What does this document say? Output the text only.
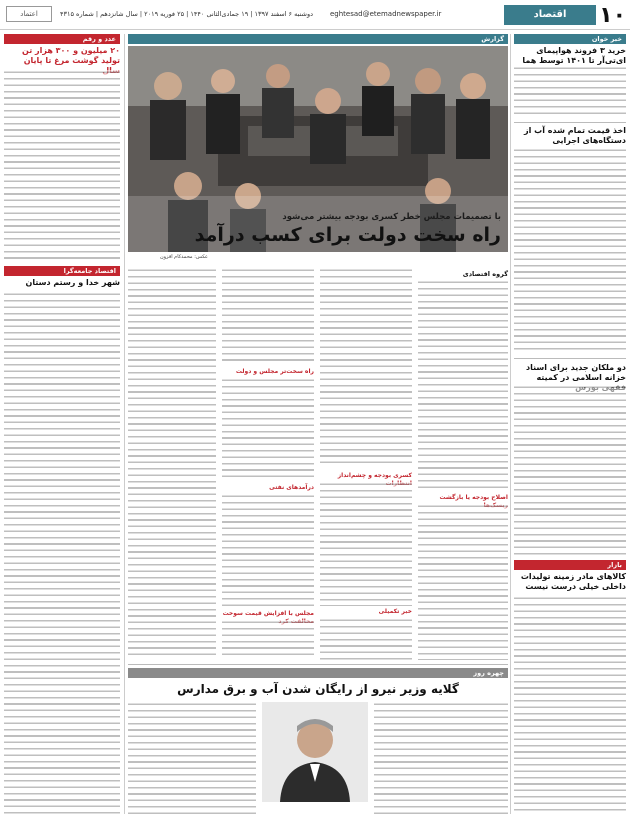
۱۰
اقتصاد
eghtesad@etemadnewspaper.ir
دوشنبه ۶ اسفند ۱۳۹۷ | ۱۹ جمادی‌الثانی ۱۴۴۰ | ۲۵ فوریه ۲۰۱۹ | سال شانزدهم | شماره ۴۳۱۵
اعتماد
خبر خوان
خرید ۳ فروند هواپیمای ای‌تی‌آر تا ۱۴۰۱ توسط هما
اخذ قیمت تمام شده آب از دستگاه‌های اجرایی
دو ملکان جدید برای اسناد خزانه اسلامی در کمیته
بازار
کالاهای مادر زمینه تولیدات داخلی خیلی درست نیست
گزارش
با تصمیمات مجلس خطر کسری بودجه بیشتر می‌شود
راه سخت دولت برای کسب درآمد
عکس: محمدکام افزون
گروه اقتصادی
اصلاح بودجه یا بازگشت
کسری بودجه و چشم‌انداز
خبر تکمیلی
راه سخت‌تر مجلس و دولت
درآمدهای نفتی
مجلس با افزایش قیمت سوخت
عدد و رقم
۲۰ میلیون و ۳۰۰ هزار تن تولید گوشت مرغ تا پایان
اقتصاد جامعه‌گرا
شهر خدا و رستم دستان
چهره روز
گلایه وزیر نیرو از رایگان شدن آب و برق مدارس
